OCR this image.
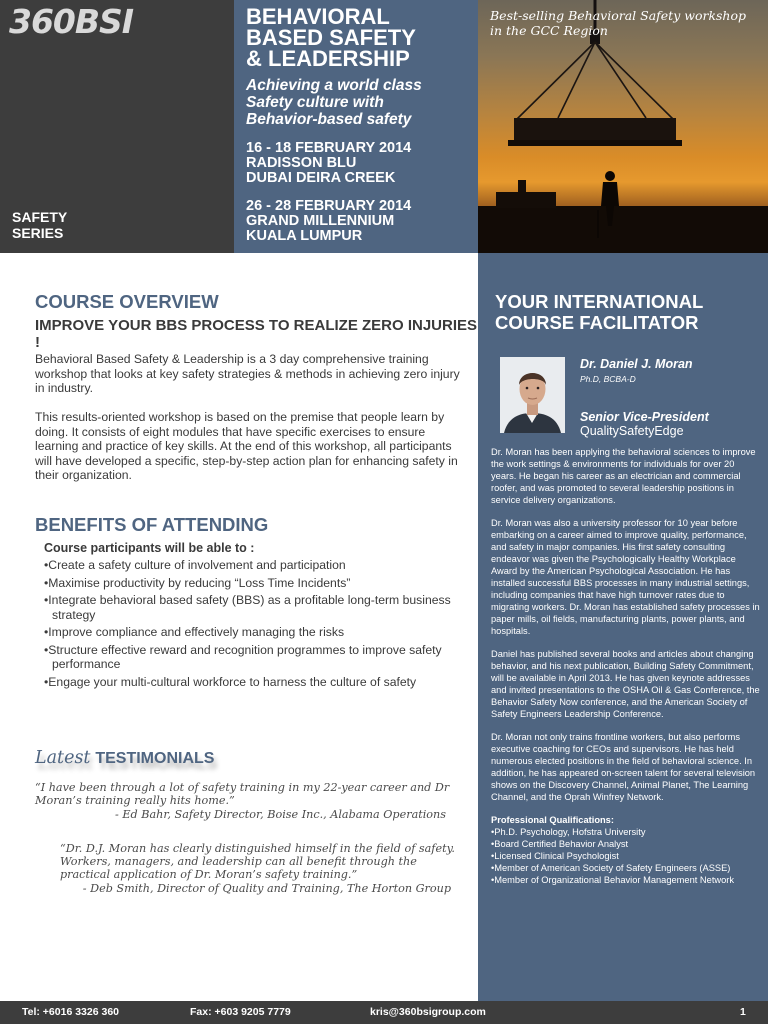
360BSI
SAFETY
SERIES
BEHAVIORAL
BASED SAFETY
& LEADERSHIP
Achieving a world class
Safety culture with
Behavior-based safety
16 - 18 FEBRUARY 2014
RADISSON BLU
DUBAI DEIRA CREEK
26 - 28 FEBRUARY 2014
GRAND MILLENNIUM
KUALA LUMPUR
Best-selling Behavioral Safety workshop
in the GCC Region
COURSE OVERVIEW
IMPROVE YOUR BBS PROCESS TO REALIZE ZERO INJURIES !

Behavioral Based Safety & Leadership is a 3 day comprehensive training workshop that looks at key safety strategies & methods in achieving zero injury in industry.

This results-oriented workshop is based on the premise that people learn by doing. It consists of eight modules that have specific exercises to ensure learning and practice of key skills. At the end of this workshop, all participants will have developed a specific, step-by-step action plan for enhancing safety in their organization.

BENEFITS OF ATTENDING
Course participants will be able to :
• Create a safety culture of involvement and participation
• Maximise productivity by reducing “Loss Time Incidents”
• Integrate behavioral based safety (BBS) as a profitable long-term business strategy
• Improve compliance and effectively managing the risks
• Structure effective reward and recognition programmes to improve safety performance
• Engage your multi-cultural workforce to harness the culture of safety
Latest TESTIMONIALS
“I have been through a lot of safety training in my 22-year career and Dr Moran’s training really hits home.”
- Ed Bahr, Safety Director, Boise Inc., Alabama Operations
“Dr. D.J. Moran has clearly distinguished himself in the field of safety. Workers, managers, and leadership can all benefit through the practical application of Dr. Moran’s safety training.”
- Deb Smith, Director of Quality and Training, The Horton Group
YOUR INTERNATIONAL
COURSE FACILITATOR
Dr. Daniel J. Moran
Ph.D, BCBA-D
Senior Vice-President
QualitySafetyEdge

Dr. Moran has been applying the behavioral sciences to improve the work settings & environments for individuals for over 20 years. He began his career as an electrician and commercial roofer, and was promoted to several leadership positions in service delivery organizations.

Dr. Moran was also a university professor for 10 year before embarking on a career aimed to improve quality, performance, and safety in major companies. His first safety consulting endeavor was given the Psychologically Healthy Workplace Award by the American Psychological Association. He has installed successful BBS processes in many industrial settings, including companies that have high turnover rates due to migrating workers. Dr. Moran has established safety processes in paper mills, oil fields, manufacturing plants, power plants, and hospitals.

Daniel has published several books and articles about changing behavior, and his next publication, Building Safety Commitment, will be available in April 2013. He has given keynote addresses and invited presentations to the OSHA Oil & Gas Conference, the Behavior Safety Now conference, and the American Society of Safety Engineers Leadership Conference.

Dr. Moran not only trains frontline workers, but also performs executive coaching for CEOs and supervisors. He has held numerous elected positions in the field of behavioral science. In addition, he has appeared on-screen talent for several television shows on the Discovery Channel, Animal Planet, The Learning Channel, and the Oprah Winfrey Network.

Professional Qualifications:
• Ph.D. Psychology, Hofstra University
• Board Certified Behavior Analyst
• Licensed Clinical Psychologist
• Member of American Society of Safety Engineers (ASSE)
• Member of Organizational Behavior Management Network
Tel: +6016 3326 360	Fax: +603 9205 7779	kris@360bsigroup.com	1
